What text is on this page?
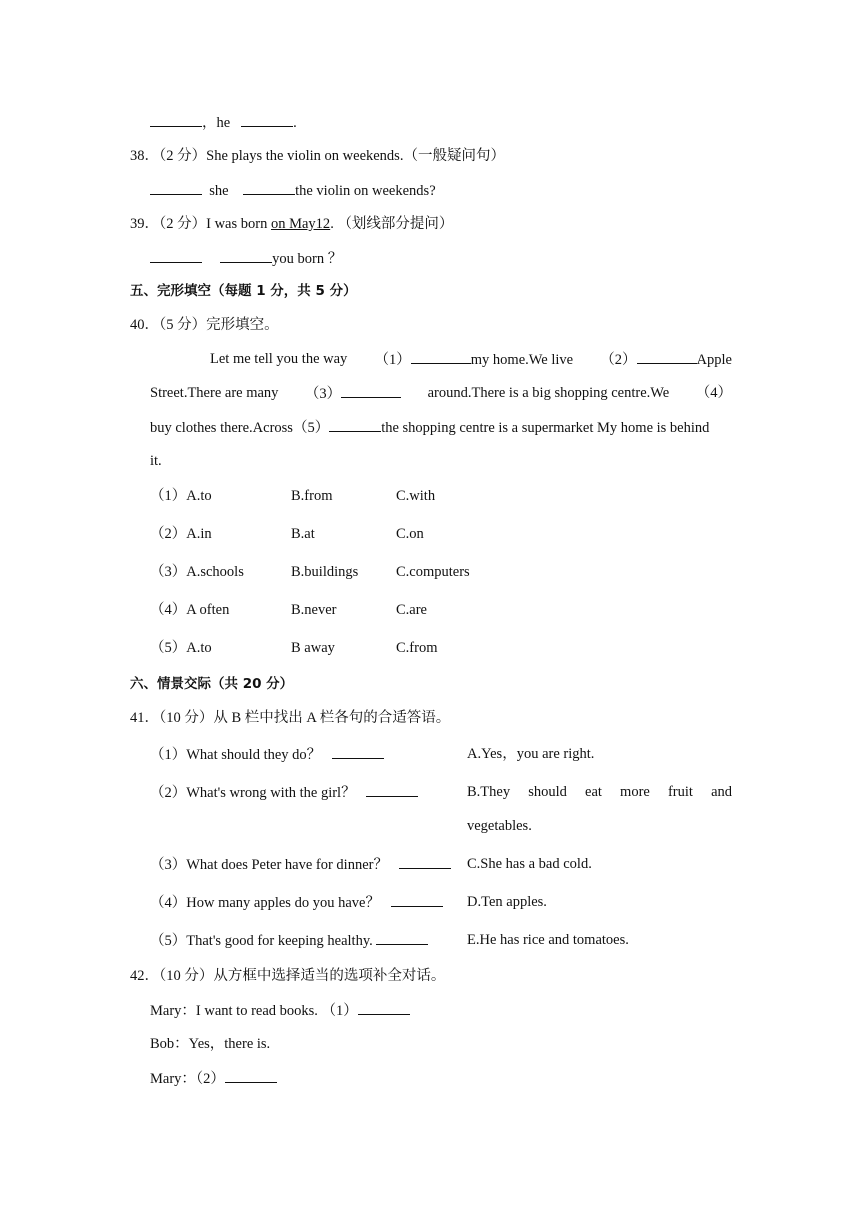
，he	.
38．（2 分）She plays the violin on weekends.（一般疑问句）
she	the violin on weekends?
39．（2 分）I was born on May12. （划线部分提问）
you born ？
五、完形填空（每题 1 分，共 5 分）
40．（5 分）完形填空。
Let me tell you the way （1）	my home.We live （2）	Apple
Street.There are many （3）	around.There is a big shopping centre.We （4）
buy clothes there.Across（5）	the shopping centre is a supermarket My home is behind
it.
（1）A.to	B.from	C.with
（2）A.in	B.at	C.on
（3）A.schools	B.buildings	C.computers
（4）A often	B.never	C.are
（5）A.to	B away	C.from
六、情景交际（共 20 分）
41．（10 分）从 B 栏中找出 A 栏各句的合适答语。
（1）What should they do？	A.Yes，you are right.
（2）What's wrong with the girl？	B.They should eat more fruit and
vegetables.
（3）What does Peter have for dinner？	C.She has a bad cold.
（4）How many apples do you have？	D.Ten apples.
（5）That's good for keeping healthy.	E.He has rice and tomatoes.
42．（10 分）从方框中选择适当的选项补全对话。
Mary：I want to read books. （1）
Bob：Yes，there is.
Mary：（2）
